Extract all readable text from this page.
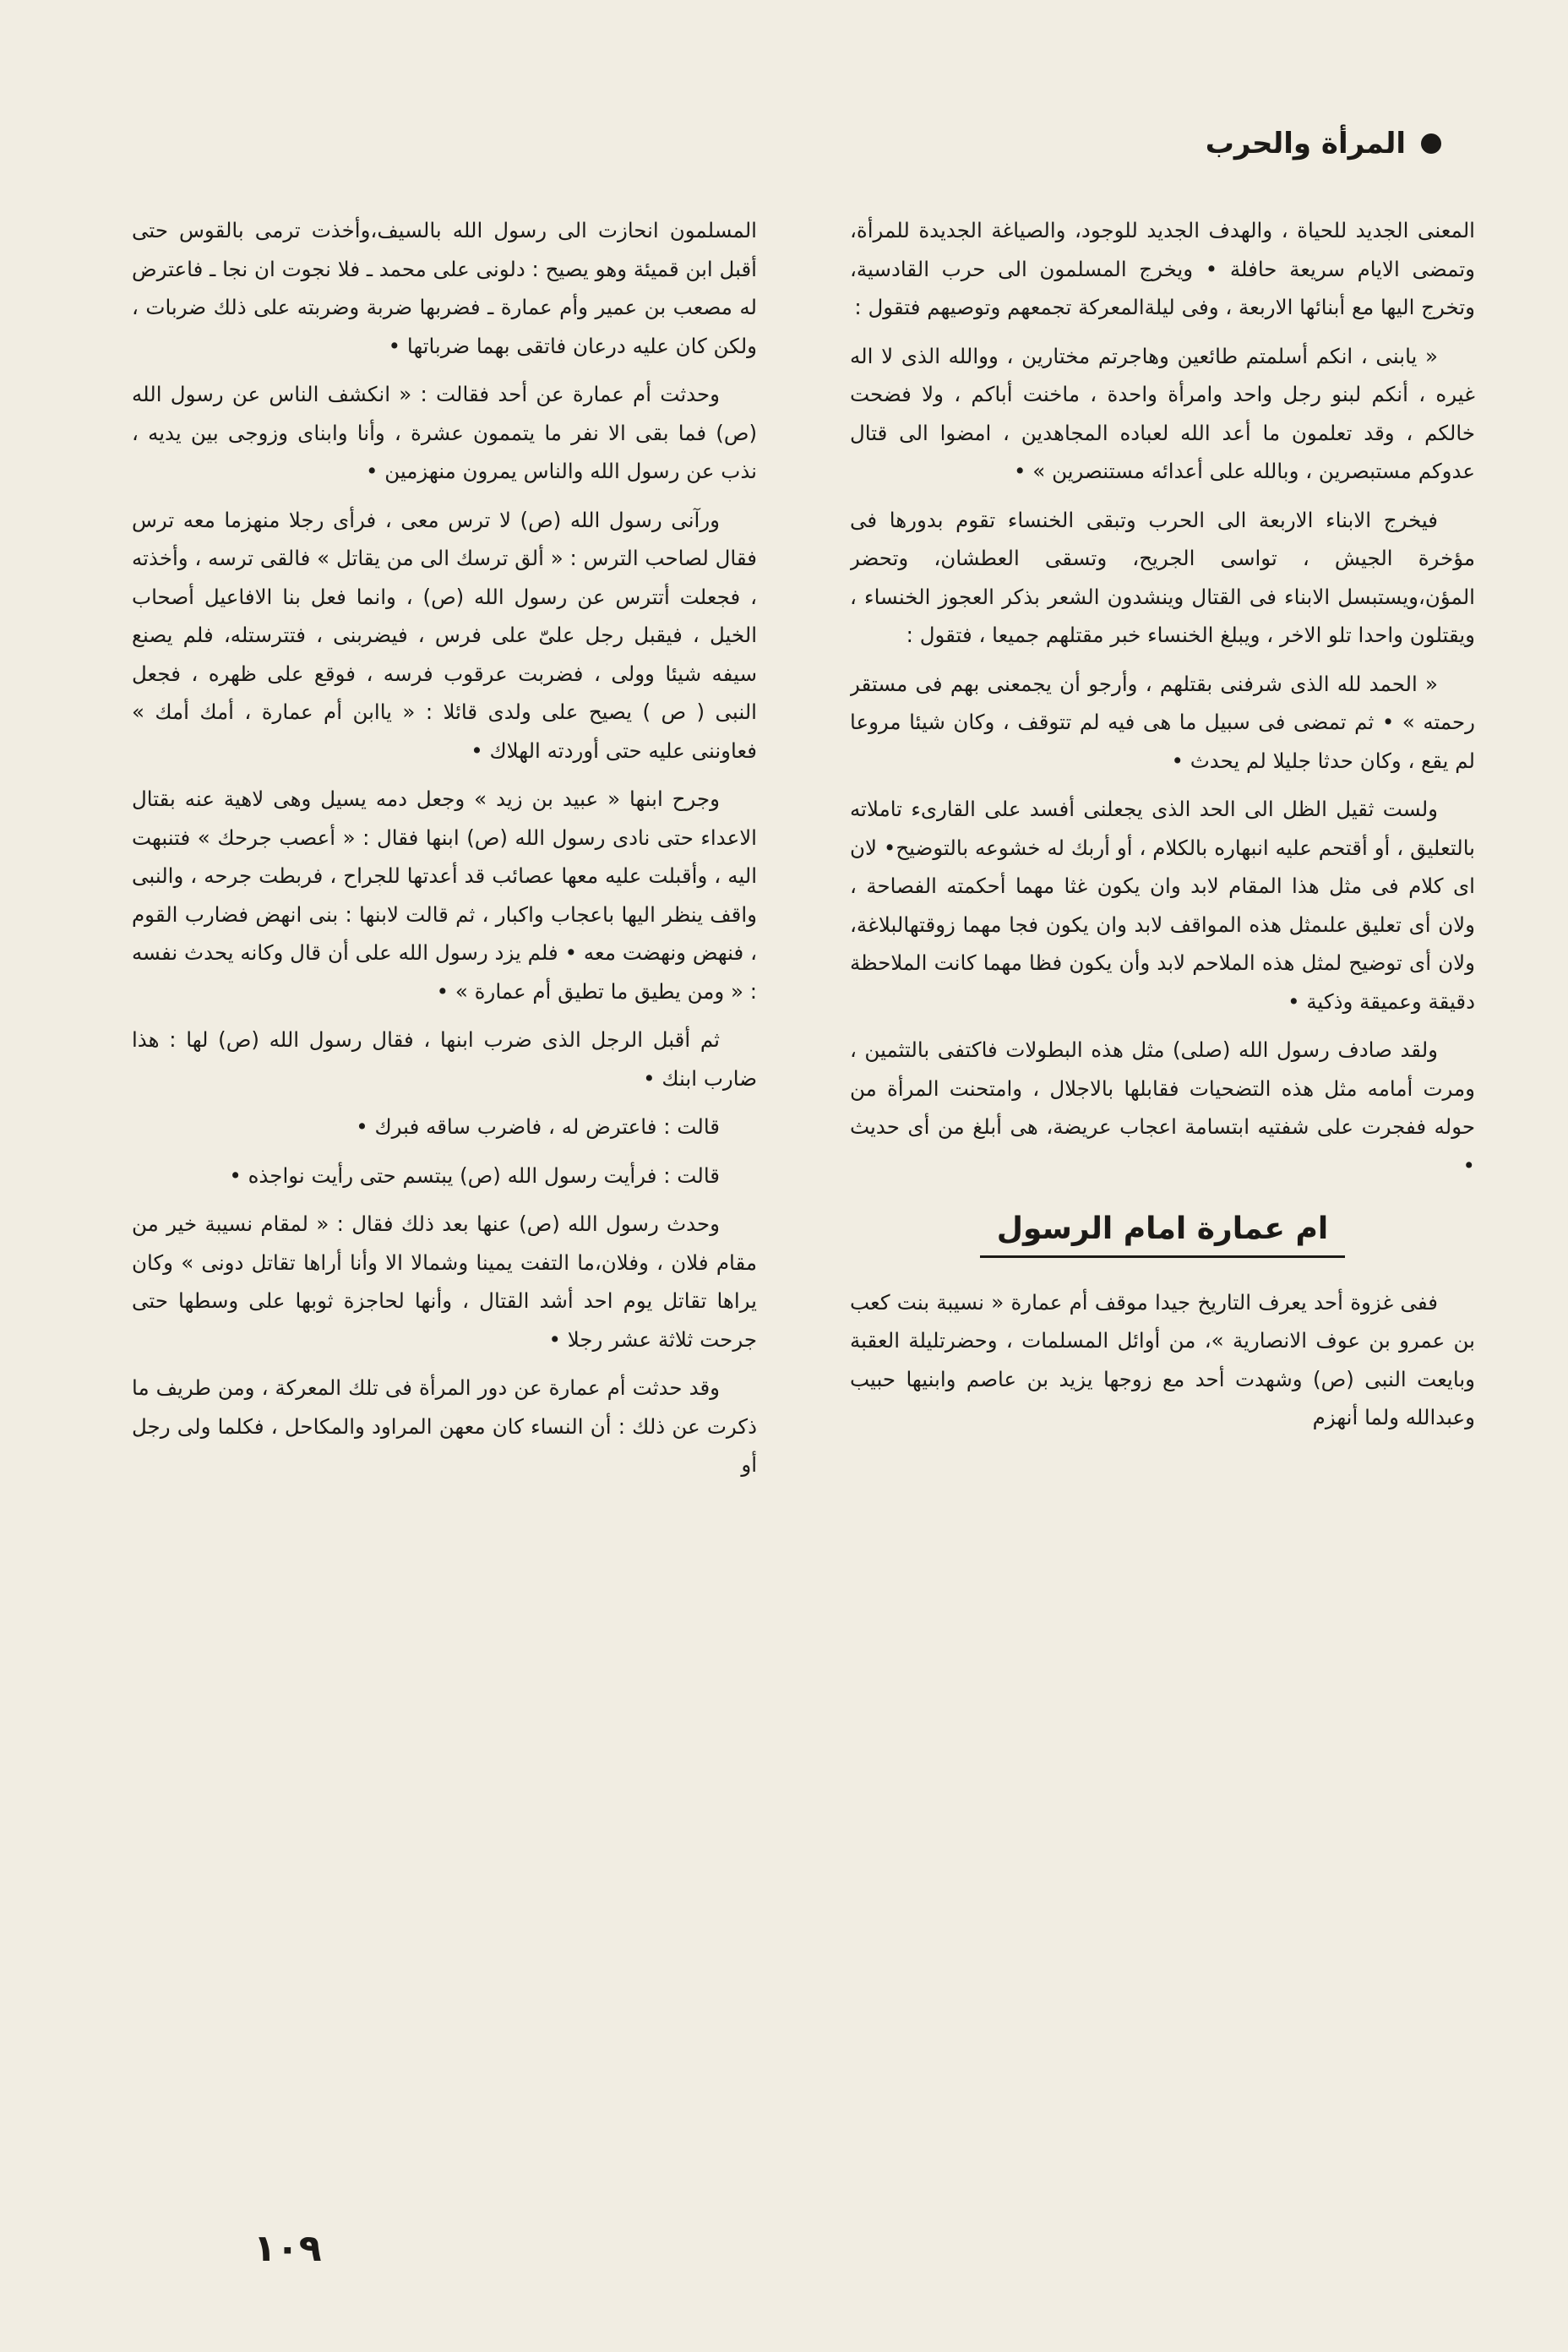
المرأة والحرب

المعنى الجديد للحياة ، والهدف الجديد للوجود، والصياغة الجديدة للمرأة، وتمضى الايام سريعة حافلة • ويخرج المسلمون الى حرب القادسية، وتخرج اليها مع أبنائها الاربعة ، وفى ليلةالمعركة تجمعهم وتوصيهم فتقول :

« يابنى ، انكم أسلمتم طائعين وهاجرتم مختارين ، ووالله الذى لا اله غيره ، أنكم لبنو رجل واحد وامرأة واحدة ، ماخنت أباكم ، ولا فضحت خالكم ، وقد تعلمون ما أعد الله لعباده المجاهدين ، امضوا الى قتال عدوكم مستبصرين ، وبالله على أعدائه مستنصرين » •

فيخرج الابناء الاربعة الى الحرب وتبقى الخنساء تقوم بدورها فى مؤخرة الجيش ، تواسى الجريح، وتسقى العطشان، وتحضر المؤن،ويستبسل الابناء فى القتال وينشدون الشعر بذكر العجوز الخنساء ، ويقتلون واحدا تلو الاخر ، ويبلغ الخنساء خبر مقتلهم جميعا ، فتقول :

« الحمد لله الذى شرفنى بقتلهم ، وأرجو أن يجمعنى بهم فى مستقر رحمته » • ثم تمضى فى سبيل ما هى فيه لم تتوقف ، وكان شيئا مروعا لم يقع ، وكان حدثا جليلا لم يحدث •

ولست ثقيل الظل الى الحد الذى يجعلنى أفسد على القارىء تاملاته بالتعليق ، أو أقتحم عليه انبهاره بالكلام ، أو أربك له خشوعه بالتوضيح• لان اى كلام فى مثل هذا المقام لابد وان يكون غثا مهما أحكمته الفصاحة ، ولان أى تعليق علىمثل هذه المواقف لابد وان يكون فجا مهما زوقتهالبلاغة، ولان أى توضيح لمثل هذه الملاحم لابد وأن يكون فظا مهما كانت الملاحظة دقيقة وعميقة وذكية •

ولقد صادف رسول الله (صلى) مثل هذه البطولات فاكتفى بالتثمين ، ومرت أمامه مثل هذه التضحيات فقابلها بالاجلال ، وامتحنت المرأة من حوله ففجرت على شفتيه ابتسامة اعجاب عريضة، هى أبلغ من أى حديث •

ام عمارة امام الرسول

ففى غزوة أحد يعرف التاريخ جيدا موقف أم عمارة « نسيبة بنت كعب بن عمرو بن عوف الانصارية »، من أوائل المسلمات ، وحضرتليلة العقبة وبايعت النبى (ص) وشهدت أحد مع زوجها يزيد بن عاصم وابنيها حبيب وعبدالله ولما أنهزم

المسلمون انحازت الى رسول الله بالسيف،وأخذت ترمى بالقوس حتى أقبل ابن قميئة وهو يصيح : دلونى على محمد ـ فلا نجوت ان نجا ـ فاعترض له مصعب بن عمير وأم عمارة ـ فضربها ضربة وضربته على ذلك ضربات ، ولكن كان عليه درعان فاتقى بهما ضرباتها •

وحدثت أم عمارة عن أحد فقالت : « انكشف الناس عن رسول الله (ص) فما بقى الا نفر ما يتممون عشرة ، وأنا وابناى وزوجى بين يديه ، نذب عن رسول الله والناس يمرون منهزمين •

ورآنى رسول الله (ص) لا ترس معى ، فرأى رجلا منهزما معه ترس فقال لصاحب الترس : « ألق ترسك الى من يقاتل » فالقى ترسه ، وأخذته ، فجعلت أتترس عن رسول الله (ص) ، وانما فعل بنا الافاعيل أصحاب الخيل ، فيقبل رجل علىّ على فرس ، فيضربنى ، فتترستله، فلم يصنع سيفه شيئا وولى ، فضربت عرقوب فرسه ، فوقع على ظهره ، فجعل النبى ( ص ) يصيح على ولدى قائلا : « ياابن أم عمارة ، أمك أمك » فعاوننى عليه حتى أوردته الهلاك •

وجرح ابنها « عبيد بن زيد » وجعل دمه يسيل وهى لاهية عنه بقتال الاعداء حتى نادى رسول الله (ص) ابنها فقال : « أعصب جرحك » فتنبهت اليه ، وأقبلت عليه معها عصائب قد أعدتها للجراح ، فربطت جرحه ، والنبى واقف ينظر اليها باعجاب واكبار ، ثم قالت لابنها : بنى انهض فضارب القوم ، فنهض ونهضت معه • فلم يزد رسول الله على أن قال وكانه يحدث نفسه : « ومن يطيق ما تطيق أم عمارة » •

ثم أقبل الرجل الذى ضرب ابنها ، فقال رسول الله (ص) لها : هذا ضارب ابنك •

قالت : فاعترض له ، فاضرب ساقه فبرك •

قالت : فرأيت رسول الله (ص) يبتسم حتى رأيت نواجذه •

وحدث رسول الله (ص) عنها بعد ذلك فقال : « لمقام نسيبة خير من مقام فلان ، وفلان،ما التفت يمينا وشمالا الا وأنا أراها تقاتل دونى » وكان يراها تقاتل يوم احد أشد القتال ، وأنها لحاجزة ثوبها على وسطها حتى جرحت ثلاثة عشر رجلا •

وقد حدثت أم عمارة عن دور المرأة فى تلك المعركة ، ومن طريف ما ذكرت عن ذلك : أن النساء كان معهن المراود والمكاحل ، فكلما ولى رجل أو

١٠٩
